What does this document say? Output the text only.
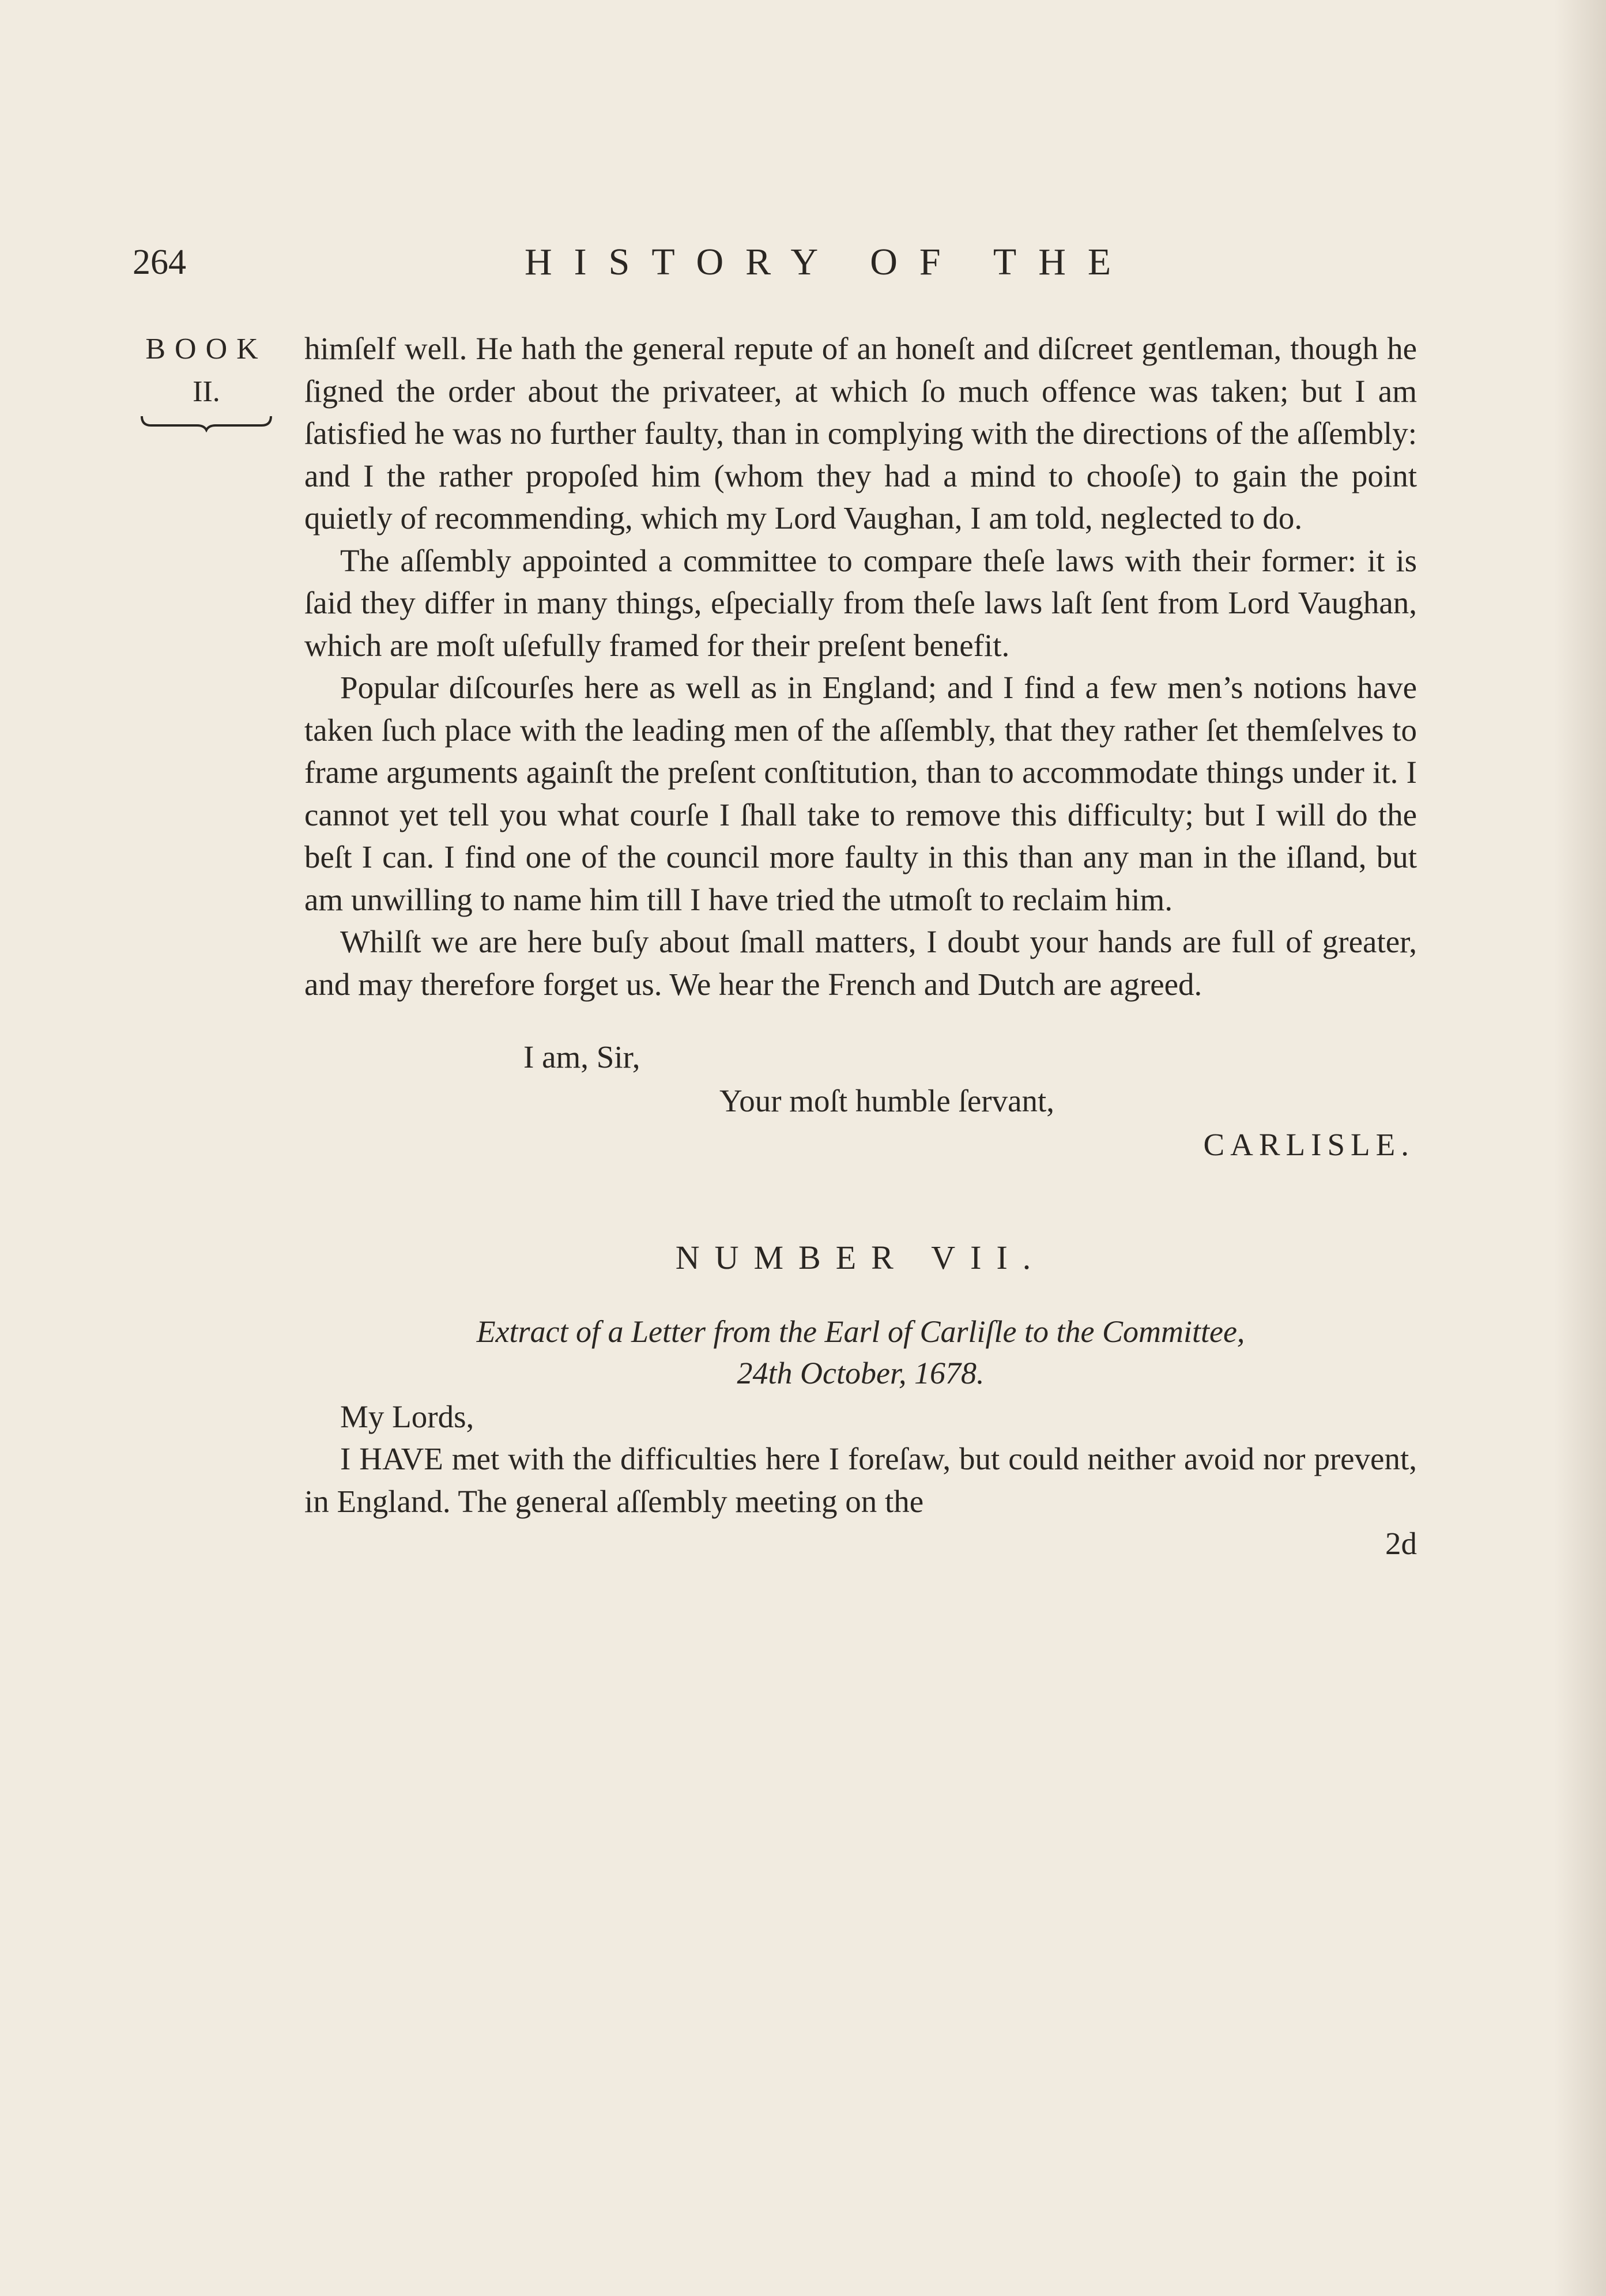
264	HISTORY OF THE
BOOK
II.

himſelf well. He hath the general repute of an honeſt and diſcreet gentleman, though he ſigned the order about the privateer, at which ſo much offence was taken; but I am ſatisfied he was no further faulty, than in complying with the directions of the aſſembly: and I the rather propoſed him (whom they had a mind to chooſe) to gain the point quietly of recommending, which my Lord Vaughan, I am told, neglected to do.

The aſſembly appointed a committee to compare theſe laws with their former: it is ſaid they differ in many things, eſpecially from theſe laws laſt ſent from Lord Vaughan, which are moſt uſefully framed for their preſent benefit.

Popular diſcourſes here as well as in England; and I find a few men’s notions have taken ſuch place with the leading men of the aſſembly, that they rather ſet themſelves to frame arguments againſt the preſent conſtitution, than to accommodate things under it. I cannot yet tell you what courſe I ſhall take to remove this difficulty; but I will do the beſt I can. I find one of the council more faulty in this than any man in the iſland, but am unwilling to name him till I have tried the utmoſt to reclaim him.

Whilſt we are here buſy about ſmall matters, I doubt your hands are full of greater, and may therefore forget us. We hear the French and Dutch are agreed.

I am, Sir,
Your moſt humble ſervant,
CARLISLE.
NUMBER VII.
Extract of a Letter from the Earl of Carliſle to the Committee,
24th October, 1678.
My Lords,

I HAVE met with the difficulties here I foreſaw, but could neither avoid nor prevent, in England. The general aſſembly meeting on the

2d
